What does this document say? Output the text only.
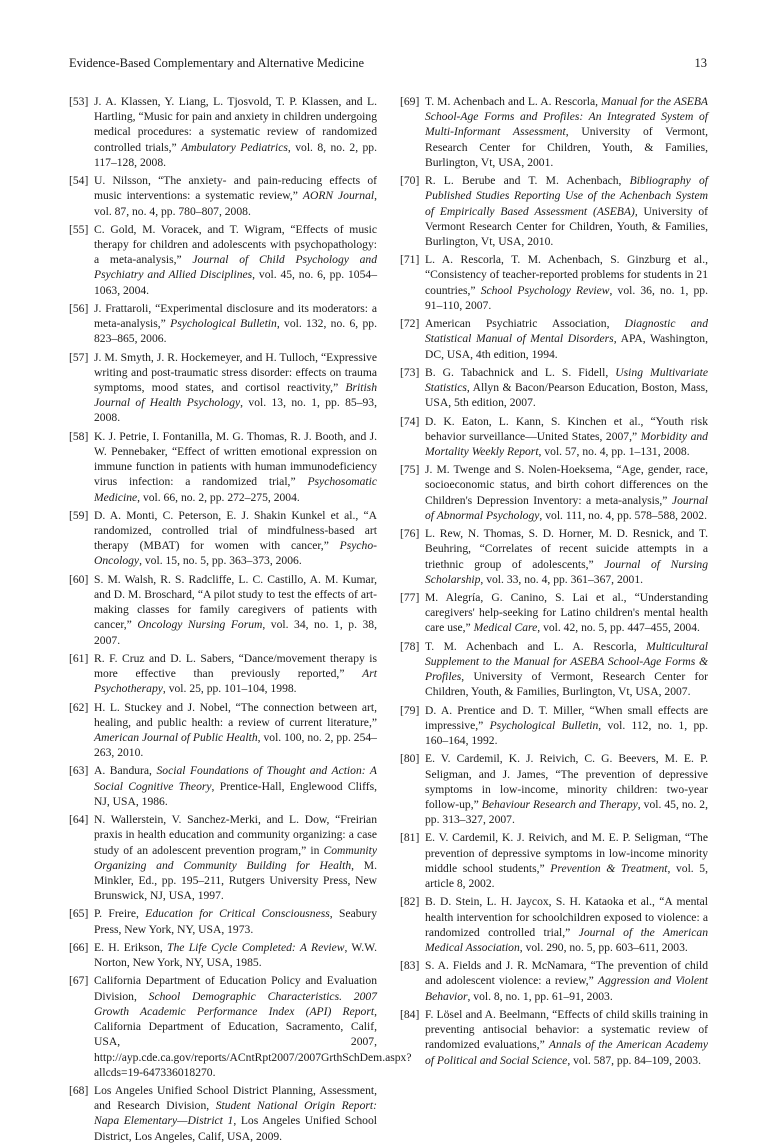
Evidence-Based Complementary and Alternative Medicine	13
[53] J. A. Klassen, Y. Liang, L. Tjosvold, T. P. Klassen, and L. Hartling, “Music for pain and anxiety in children undergoing medical procedures: a systematic review of randomized controlled trials,” Ambulatory Pediatrics, vol. 8, no. 2, pp. 117–128, 2008.
[54] U. Nilsson, “The anxiety- and pain-reducing effects of music interventions: a systematic review,” AORN Journal, vol. 87, no. 4, pp. 780–807, 2008.
[55] C. Gold, M. Voracek, and T. Wigram, “Effects of music therapy for children and adolescents with psychopathology: a meta-analysis,” Journal of Child Psychology and Psychiatry and Allied Disciplines, vol. 45, no. 6, pp. 1054–1063, 2004.
[56] J. Frattaroli, “Experimental disclosure and its moderators: a meta-analysis,” Psychological Bulletin, vol. 132, no. 6, pp. 823–865, 2006.
[57] J. M. Smyth, J. R. Hockemeyer, and H. Tulloch, “Expressive writing and post-traumatic stress disorder: effects on trauma symptoms, mood states, and cortisol reactivity,” British Journal of Health Psychology, vol. 13, no. 1, pp. 85–93, 2008.
[58] K. J. Petrie, I. Fontanilla, M. G. Thomas, R. J. Booth, and J. W. Pennebaker, “Effect of written emotional expression on immune function in patients with human immunodeficiency virus infection: a randomized trial,” Psychosomatic Medicine, vol. 66, no. 2, pp. 272–275, 2004.
[59] D. A. Monti, C. Peterson, E. J. Shakin Kunkel et al., “A randomized, controlled trial of mindfulness-based art therapy (MBAT) for women with cancer,” Psycho-Oncology, vol. 15, no. 5, pp. 363–373, 2006.
[60] S. M. Walsh, R. S. Radcliffe, L. C. Castillo, A. M. Kumar, and D. M. Broschard, “A pilot study to test the effects of art-making classes for family caregivers of patients with cancer,” Oncology Nursing Forum, vol. 34, no. 1, p. 38, 2007.
[61] R. F. Cruz and D. L. Sabers, “Dance/movement therapy is more effective than previously reported,” Art Psychotherapy, vol. 25, pp. 101–104, 1998.
[62] H. L. Stuckey and J. Nobel, “The connection between art, healing, and public health: a review of current literature,” American Journal of Public Health, vol. 100, no. 2, pp. 254–263, 2010.
[63] A. Bandura, Social Foundations of Thought and Action: A Social Cognitive Theory, Prentice-Hall, Englewood Cliffs, NJ, USA, 1986.
[64] N. Wallerstein, V. Sanchez-Merki, and L. Dow, “Freirian praxis in health education and community organizing: a case study of an adolescent prevention program,” in Community Organizing and Community Building for Health, M. Minkler, Ed., pp. 195–211, Rutgers University Press, New Brunswick, NJ, USA, 1997.
[65] P. Freire, Education for Critical Consciousness, Seabury Press, New York, NY, USA, 1973.
[66] E. H. Erikson, The Life Cycle Completed: A Review, W.W. Norton, New York, NY, USA, 1985.
[67] California Department of Education Policy and Evaluation Division, School Demographic Characteristics. 2007 Growth Academic Performance Index (API) Report, California Department of Education, Sacramento, Calif, USA, 2007, http://ayp.cde.ca.gov/reports/ACntRpt2007/2007GrthSchDem.aspx?allcds=19-647336018270.
[68] Los Angeles Unified School District Planning, Assessment, and Research Division, Student National Origin Report: Napa Elementary—District 1, Los Angeles Unified School District, Los Angeles, Calif, USA, 2009.
[69] T. M. Achenbach and L. A. Rescorla, Manual for the ASEBA School-Age Forms and Profiles: An Integrated System of Multi-Informant Assessment, University of Vermont, Research Center for Children, Youth, & Families, Burlington, Vt, USA, 2001.
[70] R. L. Berube and T. M. Achenbach, Bibliography of Published Studies Reporting Use of the Achenbach System of Empirically Based Assessment (ASEBA), University of Vermont Research Center for Children, Youth, & Families, Burlington, Vt, USA, 2010.
[71] L. A. Rescorla, T. M. Achenbach, S. Ginzburg et al., “Consistency of teacher-reported problems for students in 21 countries,” School Psychology Review, vol. 36, no. 1, pp. 91–110, 2007.
[72] American Psychiatric Association, Diagnostic and Statistical Manual of Mental Disorders, APA, Washington, DC, USA, 4th edition, 1994.
[73] B. G. Tabachnick and L. S. Fidell, Using Multivariate Statistics, Allyn & Bacon/Pearson Education, Boston, Mass, USA, 5th edition, 2007.
[74] D. K. Eaton, L. Kann, S. Kinchen et al., “Youth risk behavior surveillance—United States, 2007,” Morbidity and Mortality Weekly Report, vol. 57, no. 4, pp. 1–131, 2008.
[75] J. M. Twenge and S. Nolen-Hoeksema, “Age, gender, race, socioeconomic status, and birth cohort differences on the Children's Depression Inventory: a meta-analysis,” Journal of Abnormal Psychology, vol. 111, no. 4, pp. 578–588, 2002.
[76] L. Rew, N. Thomas, S. D. Horner, M. D. Resnick, and T. Beuhring, “Correlates of recent suicide attempts in a triethnic group of adolescents,” Journal of Nursing Scholarship, vol. 33, no. 4, pp. 361–367, 2001.
[77] M. Alegría, G. Canino, S. Lai et al., “Understanding caregivers' help-seeking for Latino children's mental health care use,” Medical Care, vol. 42, no. 5, pp. 447–455, 2004.
[78] T. M. Achenbach and L. A. Rescorla, Multicultural Supplement to the Manual for ASEBA School-Age Forms & Profiles, University of Vermont, Research Center for Children, Youth, & Families, Burlington, Vt, USA, 2007.
[79] D. A. Prentice and D. T. Miller, “When small effects are impressive,” Psychological Bulletin, vol. 112, no. 1, pp. 160–164, 1992.
[80] E. V. Cardemil, K. J. Reivich, C. G. Beevers, M. E. P. Seligman, and J. James, “The prevention of depressive symptoms in low-income, minority children: two-year follow-up,” Behaviour Research and Therapy, vol. 45, no. 2, pp. 313–327, 2007.
[81] E. V. Cardemil, K. J. Reivich, and M. E. P. Seligman, “The prevention of depressive symptoms in low-income minority middle school students,” Prevention & Treatment, vol. 5, article 8, 2002.
[82] B. D. Stein, L. H. Jaycox, S. H. Kataoka et al., “A mental health intervention for schoolchildren exposed to violence: a randomized controlled trial,” Journal of the American Medical Association, vol. 290, no. 5, pp. 603–611, 2003.
[83] S. A. Fields and J. R. McNamara, “The prevention of child and adolescent violence: a review,” Aggression and Violent Behavior, vol. 8, no. 1, pp. 61–91, 2003.
[84] F. Lösel and A. Beelmann, “Effects of child skills training in preventing antisocial behavior: a systematic review of randomized evaluations,” Annals of the American Academy of Political and Social Science, vol. 587, pp. 84–109, 2003.
